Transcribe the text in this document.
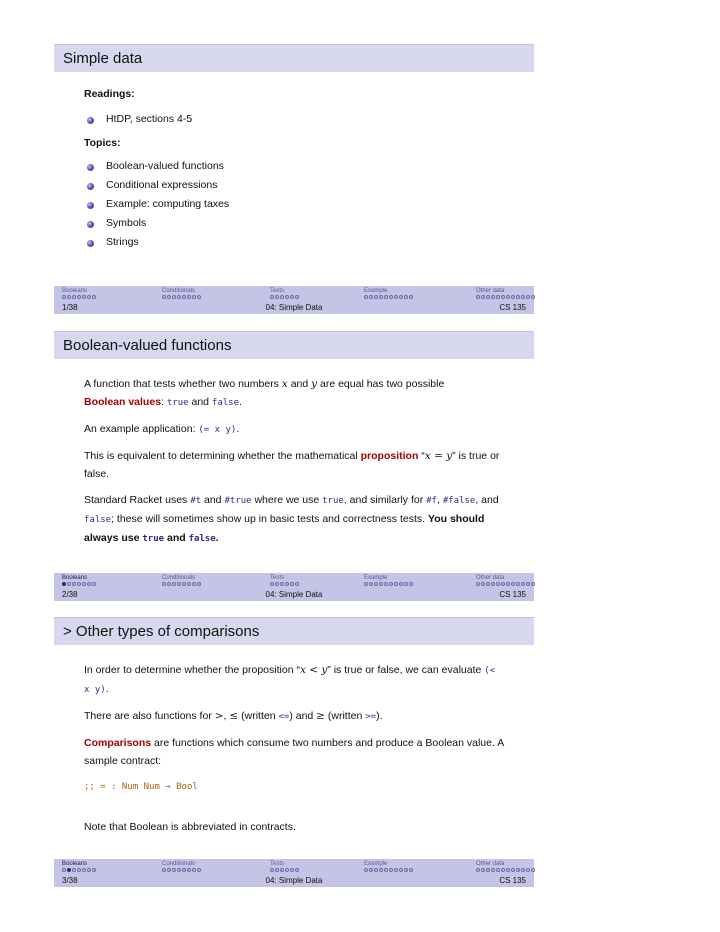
Simple data
Readings:
HtDP, sections 4-5
Topics:
Boolean-valued functions
Conditional expressions
Example: computing taxes
Symbols
Strings
Booleans	Conditionals	Tests	Example	Other data
1/38	04: Simple Data	CS 135
Boolean-valued functions

A function that tests whether two numbers x and y are equal has two possible
Boolean values: true and false.

An example application: (= x y).

This is equivalent to determining whether the mathematical proposition “x = y” is true or false.

Standard Racket uses #t and #true where we use true, and similarly for #f, #false, and false; these will sometimes show up in basic tests and correctness tests. You should always use true and false.

Booleans	Conditionals	Tests	Example	Other data
2/38	04: Simple Data	CS 135
> Other types of comparisons

In order to determine whether the proposition “x < y” is true or false, we can evaluate (< x y).

There are also functions for >, ≤ (written <=) and ≥ (written >=).

Comparisons are functions which consume two numbers and produce a Boolean value. A sample contract:

;; = : Num Num → Bool

Note that Boolean is abbreviated in contracts.

Booleans	Conditionals	Tests	Example	Other data
3/38	04: Simple Data	CS 135
